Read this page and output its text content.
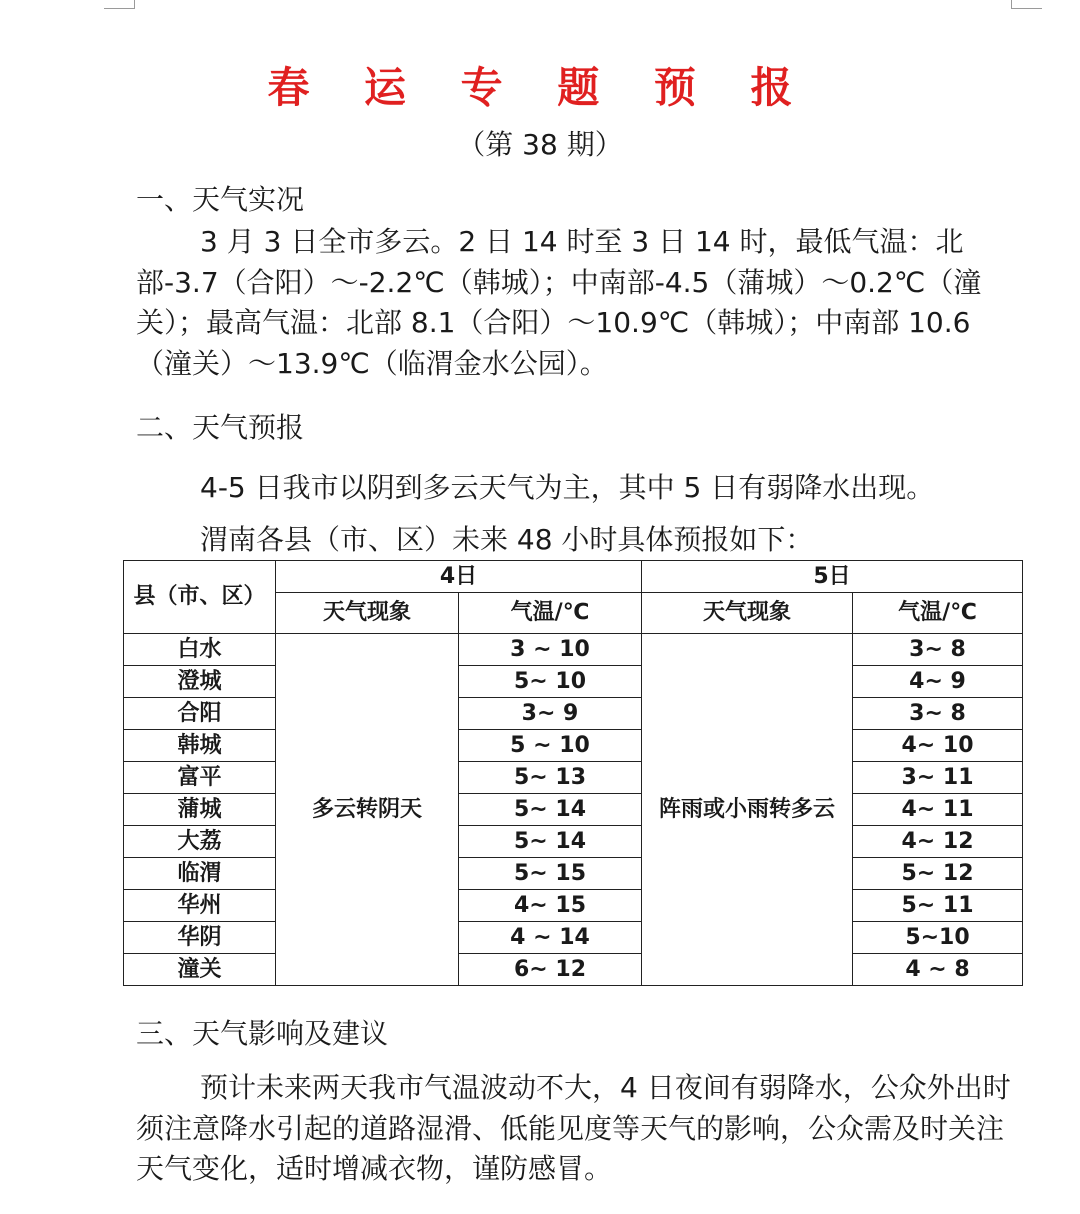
春 运 专 题 预 报
（第 38 期）
一、天气实况
3 月 3 日全市多云。2 日 14 时至 3 日 14 时，最低气温：北部-3.7（合阳）～-2.2℃（韩城）；中南部-4.5（蒲城）～0.2℃（潼关）；最高气温：北部 8.1（合阳）～10.9℃（韩城）；中南部 10.6（潼关）～13.9℃（临渭金水公园）。
二、天气预报
4-5 日我市以阴到多云天气为主，其中 5 日有弱降水出现。
渭南各县（市、区）未来 48 小时具体预报如下：
县（市、区）	4日		5日	
	天气现象	气温/℃	天气现象	气温/℃
白水	多云转阴天	3 ~ 10	阵雨或小雨转多云	3~ 8
澄城		5~ 10		4~ 9
合阳		3~ 9		3~ 8
韩城		5 ~ 10		4~ 10
富平		5~ 13		3~ 11
蒲城		5~ 14		4~ 11
大荔		5~ 14		4~ 12
临渭		5~ 15		5~ 12
华州		4~ 15		5~ 11
华阴		4 ~ 14		5~10
潼关		6~ 12		4 ~ 8
三、天气影响及建议
预计未来两天我市气温波动不大，4 日夜间有弱降水，公众外出时须注意降水引起的道路湿滑、低能见度等天气的影响，公众需及时关注天气变化，适时增减衣物，谨防感冒。
